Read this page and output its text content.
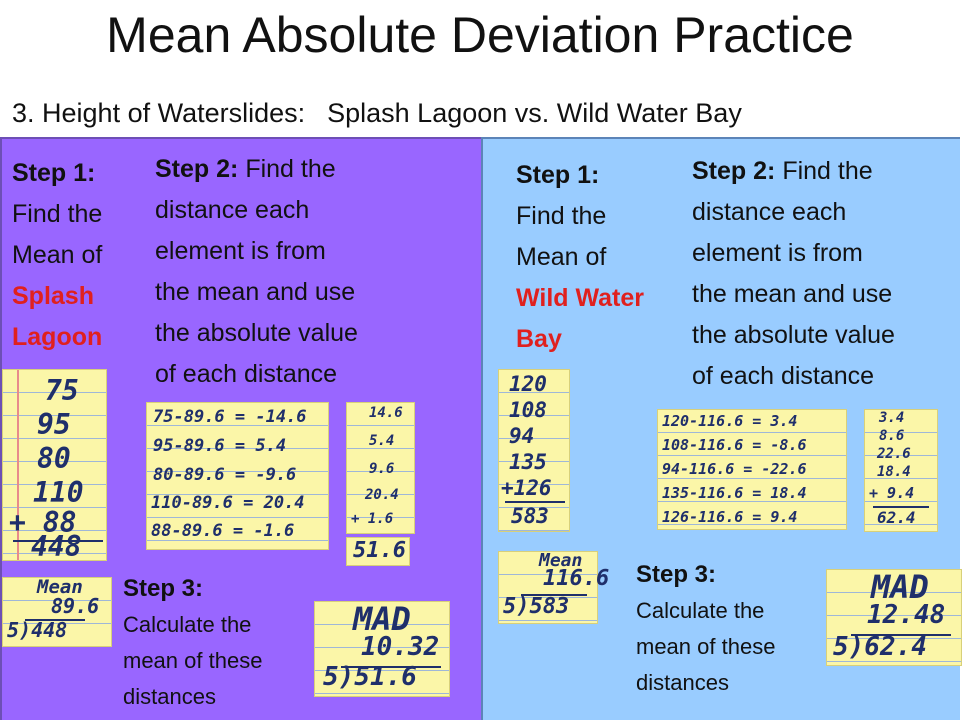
Mean Absolute Deviation Practice
3. Height of Waterslides: Splash Lagoon vs. Wild Water Bay
Step 1:
Find the
Mean of
Splash
Lagoon
Step 2: Find the
distance each
element is from
the mean and use
the absolute value
of each distance
75
95
80
110
+ 88
448
75-89.6 = -14.6
95-89.6 = 5.4
80-89.6 = -9.6
110-89.6 = 20.4
88-89.6 = -1.6
14.6
5.4
9.6
20.4
+ 1.6
51.6
Mean
89.6
5)448
Step 3:
Calculate the
mean of these
distances
MAD
10.32
5)51.6
Step 1:
Find the
Mean of
Wild Water
Bay
Step 2: Find the
distance each
element is from
the mean and use
the absolute value
of each distance
120
108
94
135
+126
583
120-116.6 = 3.4
108-116.6 = -8.6
94-116.6 = -22.6
135-116.6 = 18.4
126-116.6 = 9.4
3.4
8.6
22.6
18.4
+ 9.4
62.4
Mean
116.6
5)583
Step 3:
Calculate the
mean of these
distances
MAD
12.48
5)62.4
